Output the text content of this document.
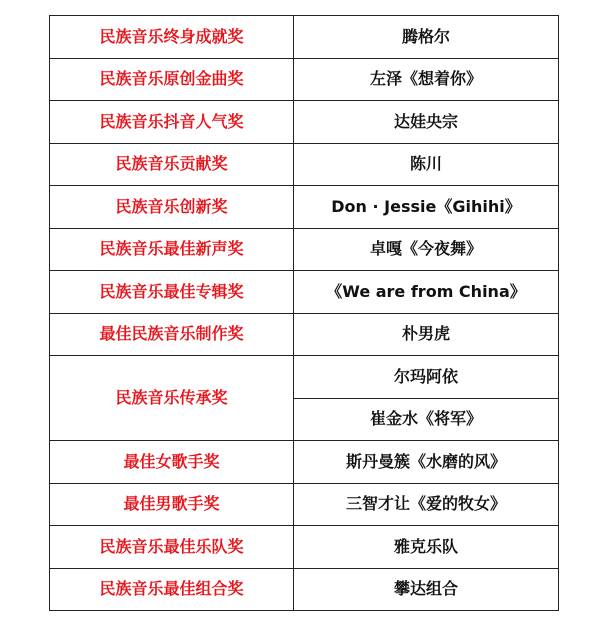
民族音乐终身成就奖	腾格尔
民族音乐原创金曲奖	左泽《想着你》
民族音乐抖音人气奖	达娃央宗
民族音乐贡献奖	陈川
民族音乐创新奖	Don · Jessie《Gihihi》
民族音乐最佳新声奖	卓嘎《今夜舞》
民族音乐最佳专辑奖	《We are from China》
最佳民族音乐制作奖	朴男虎
民族音乐传承奖	尔玛阿依
	崔金水《将军》
最佳女歌手奖	斯丹曼簇《水磨的风》
最佳男歌手奖	三智才让《爱的牧女》
民族音乐最佳乐队奖	雅克乐队
民族音乐最佳组合奖	攀达组合
